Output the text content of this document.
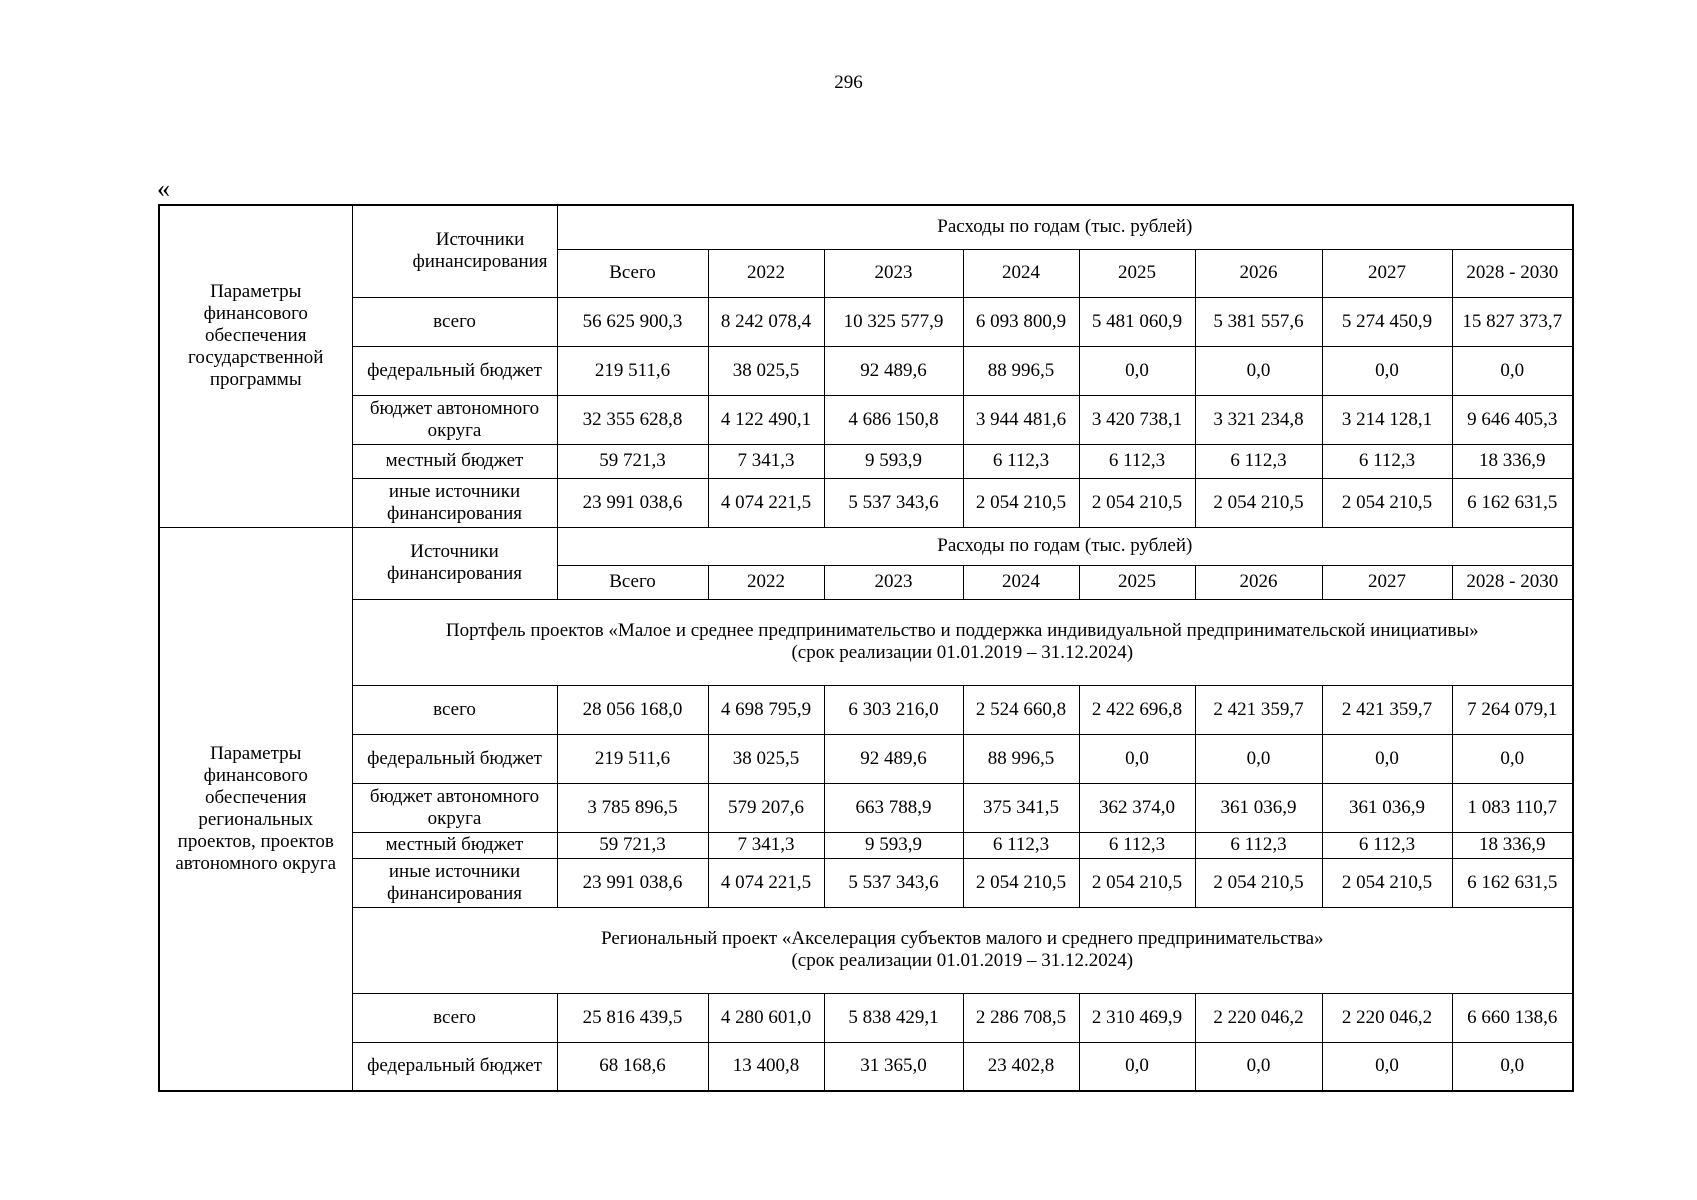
296
«
Параметры финансового обеспечения государственной программы	Источники финансирования	Расходы по годам (тыс. рублей)							
		Всего	2022	2023	2024	2025	2026	2027	2028 - 2030
	всего	56 625 900,3	8 242 078,4	10 325 577,9	6 093 800,9	5 481 060,9	5 381 557,6	5 274 450,9	15 827 373,7
	федеральный бюджет	219 511,6	38 025,5	92 489,6	88 996,5	0,0	0,0	0,0	0,0
	бюджет автономного округа	32 355 628,8	4 122 490,1	4 686 150,8	3 944 481,6	3 420 738,1	3 321 234,8	3 214 128,1	9 646 405,3
	местный бюджет	59 721,3	7 341,3	9 593,9	6 112,3	6 112,3	6 112,3	6 112,3	18 336,9
	иные источники финансирования	23 991 038,6	4 074 221,5	5 537 343,6	2 054 210,5	2 054 210,5	2 054 210,5	2 054 210,5	6 162 631,5
Параметры финансового обеспечения региональных проектов, проектов автономного округа	Источники финансирования	Расходы по годам (тыс. рублей)							
		Всего	2022	2023	2024	2025	2026	2027	2028 - 2030

	Портфель проектов «Малое и среднее предпринимательство и поддержка индивидуальной предпринимательской инициативы»
(срок реализации 01.01.2019 – 31.12.2024)								

	всего	28 056 168,0	4 698 795,9	6 303 216,0	2 524 660,8	2 422 696,8	2 421 359,7	2 421 359,7	7 264 079,1
	федеральный бюджет	219 511,6	38 025,5	92 489,6	88 996,5	0,0	0,0	0,0	0,0
	бюджет автономного округа	3 785 896,5	579 207,6	663 788,9	375 341,5	362 374,0	361 036,9	361 036,9	1 083 110,7
	местный бюджет	59 721,3	7 341,3	9 593,9	6 112,3	6 112,3	6 112,3	6 112,3	18 336,9
	иные источники финансирования	23 991 038,6	4 074 221,5	5 537 343,6	2 054 210,5	2 054 210,5	2 054 210,5	2 054 210,5	6 162 631,5

	Региональный проект «Акселерация субъектов малого и среднего предпринимательства»
(срок реализации 01.01.2019 – 31.12.2024)								

	всего	25 816 439,5	4 280 601,0	5 838 429,1	2 286 708,5	2 310 469,9	2 220 046,2	2 220 046,2	6 660 138,6
	федеральный бюджет	68 168,6	13 400,8	31 365,0	23 402,8	0,0	0,0	0,0	0,0
